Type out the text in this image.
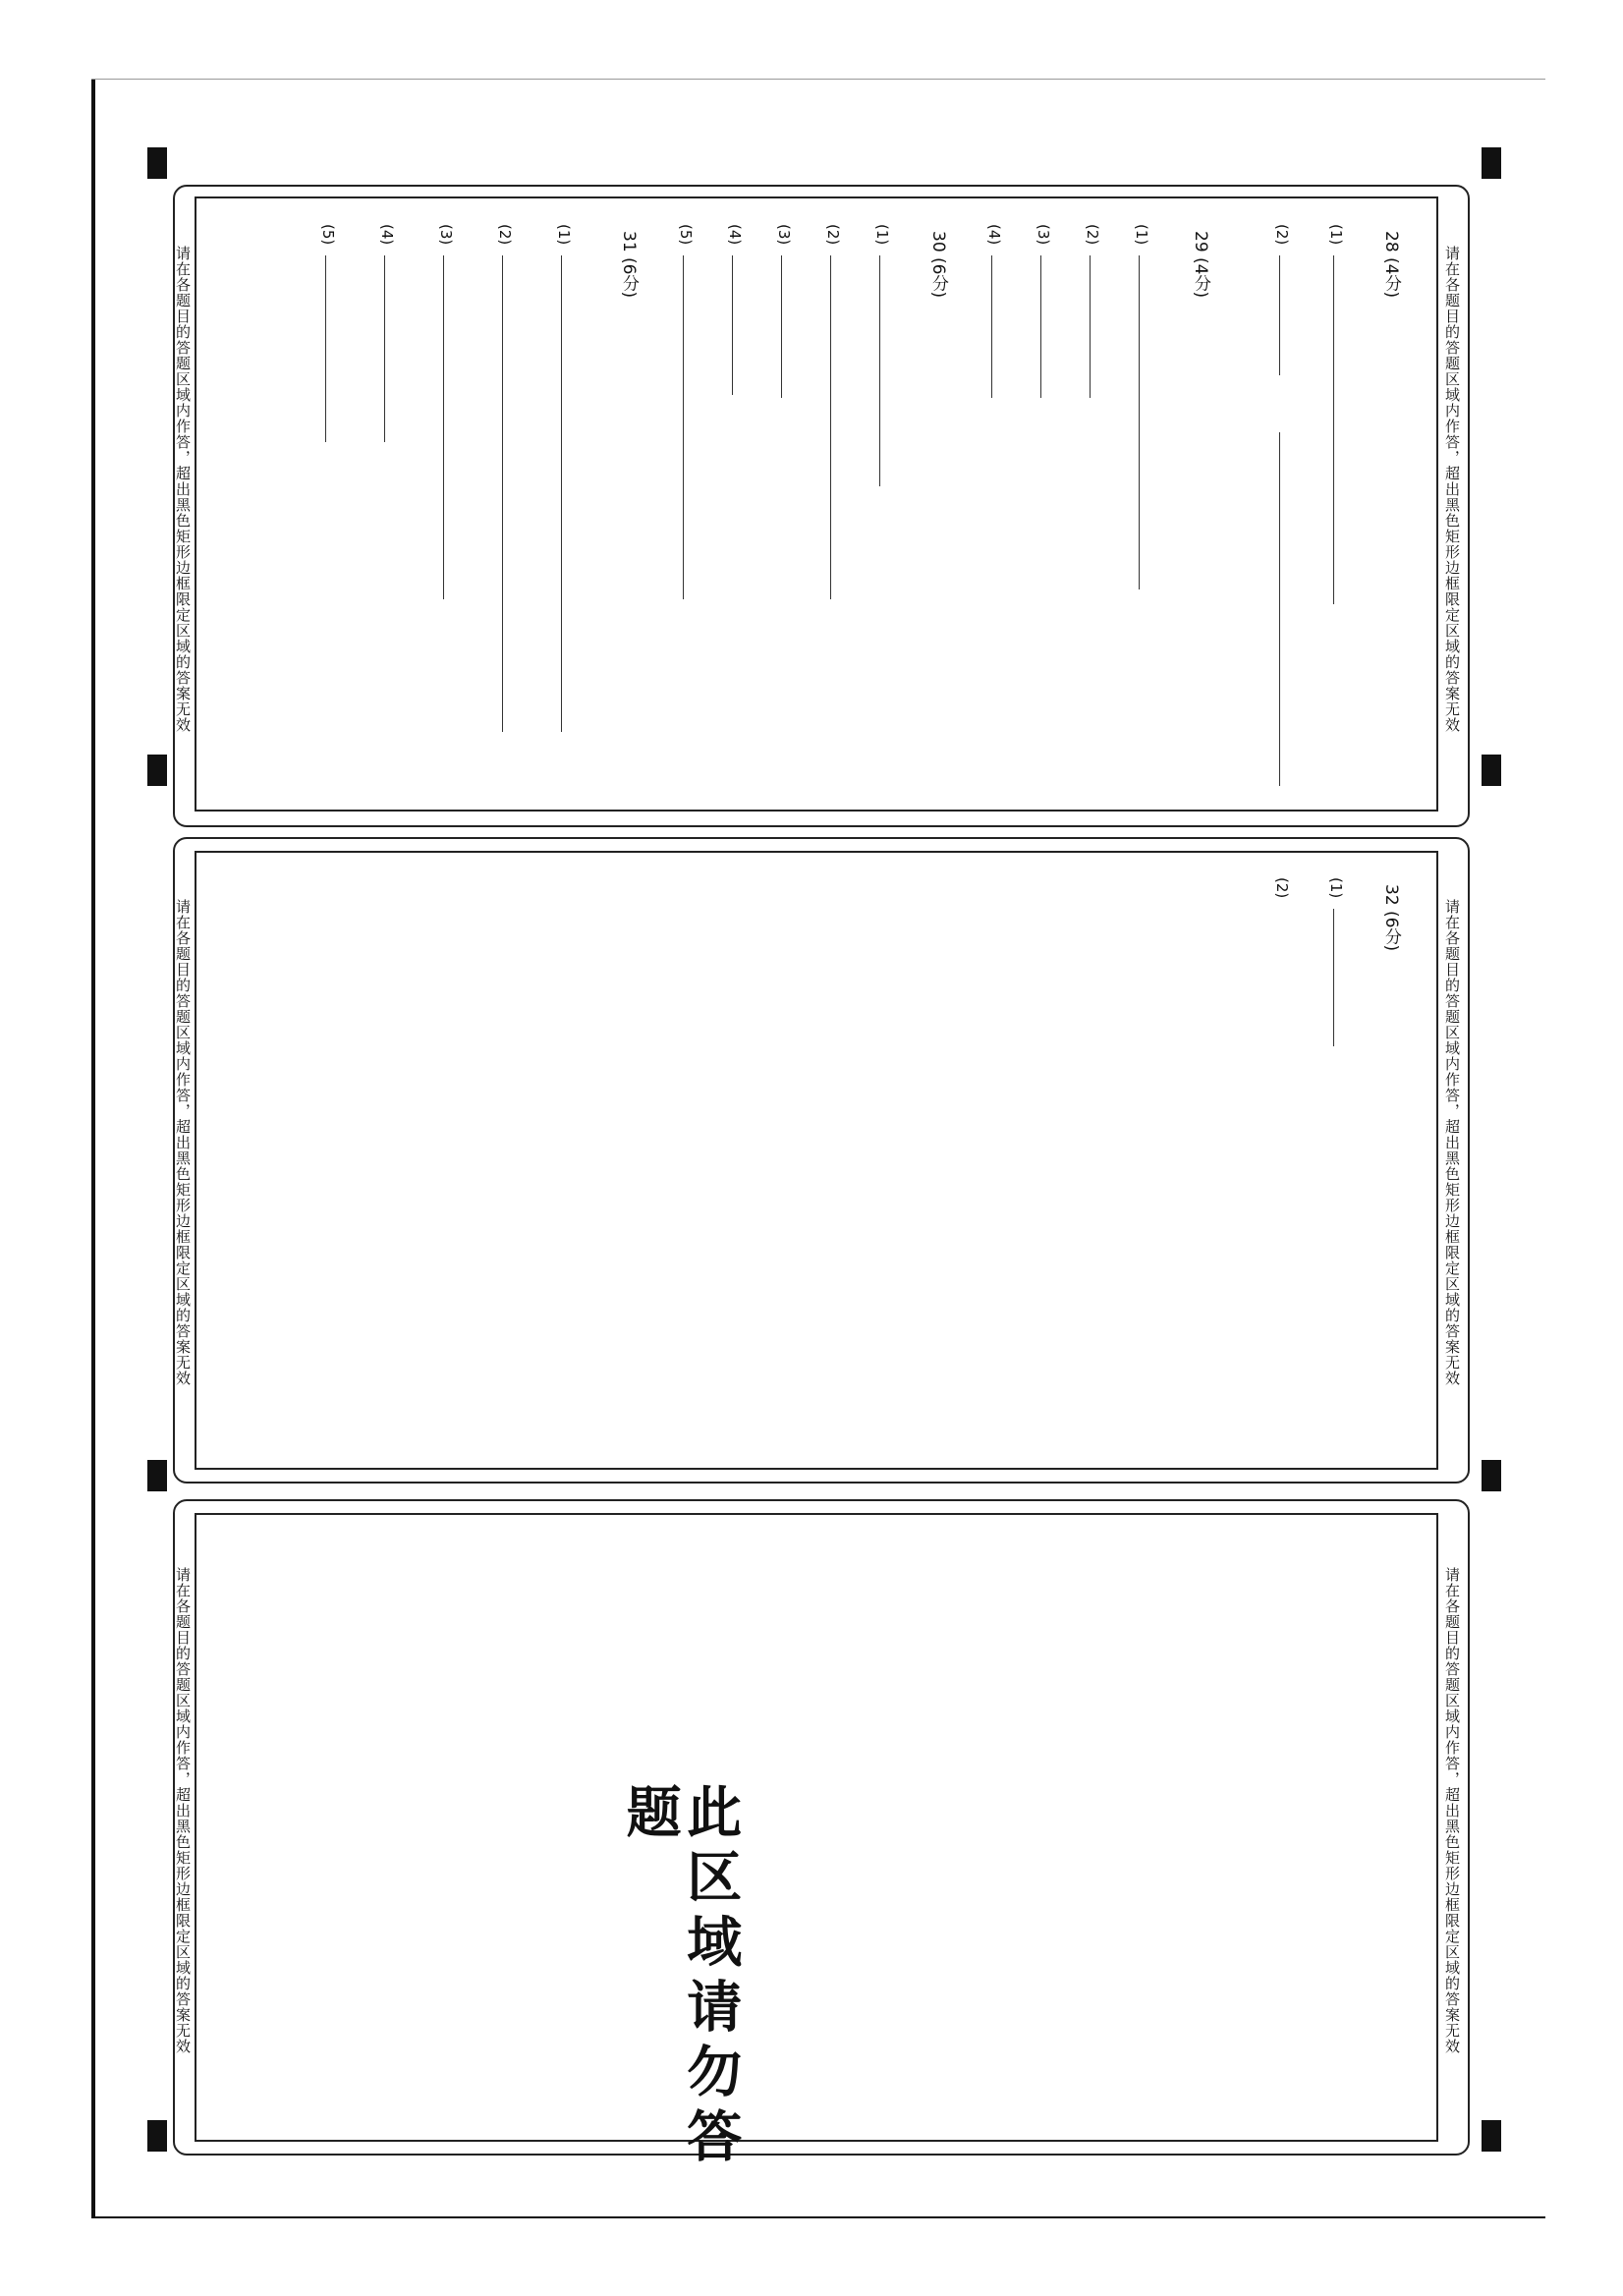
请在各题目的答题区域内作答，超出黑色矩形边框限定区域的答案无效
请在各题目的答题区域内作答，超出黑色矩形边框限定区域的答案无效	28 (4分)
(1)
(2)
29 (4分)
(1)
(2)
(3)
(4)
30 (6分)
(1)
(2)
(3)
(4)
(5)
31 (6分)
(1)
(2)
(3)
(4)
(5)
请在各题目的答题区域内作答，超出黑色矩形边框限定区域的答案无效
请在各题目的答题区域内作答，超出黑色矩形边框限定区域的答案无效	32 (6分)
(1)
(2)
请在各题目的答题区域内作答，超出黑色矩形边框限定区域的答案无效
请在各题目的答题区域内作答，超出黑色矩形边框限定区域的答案无效	此区域请勿答题
